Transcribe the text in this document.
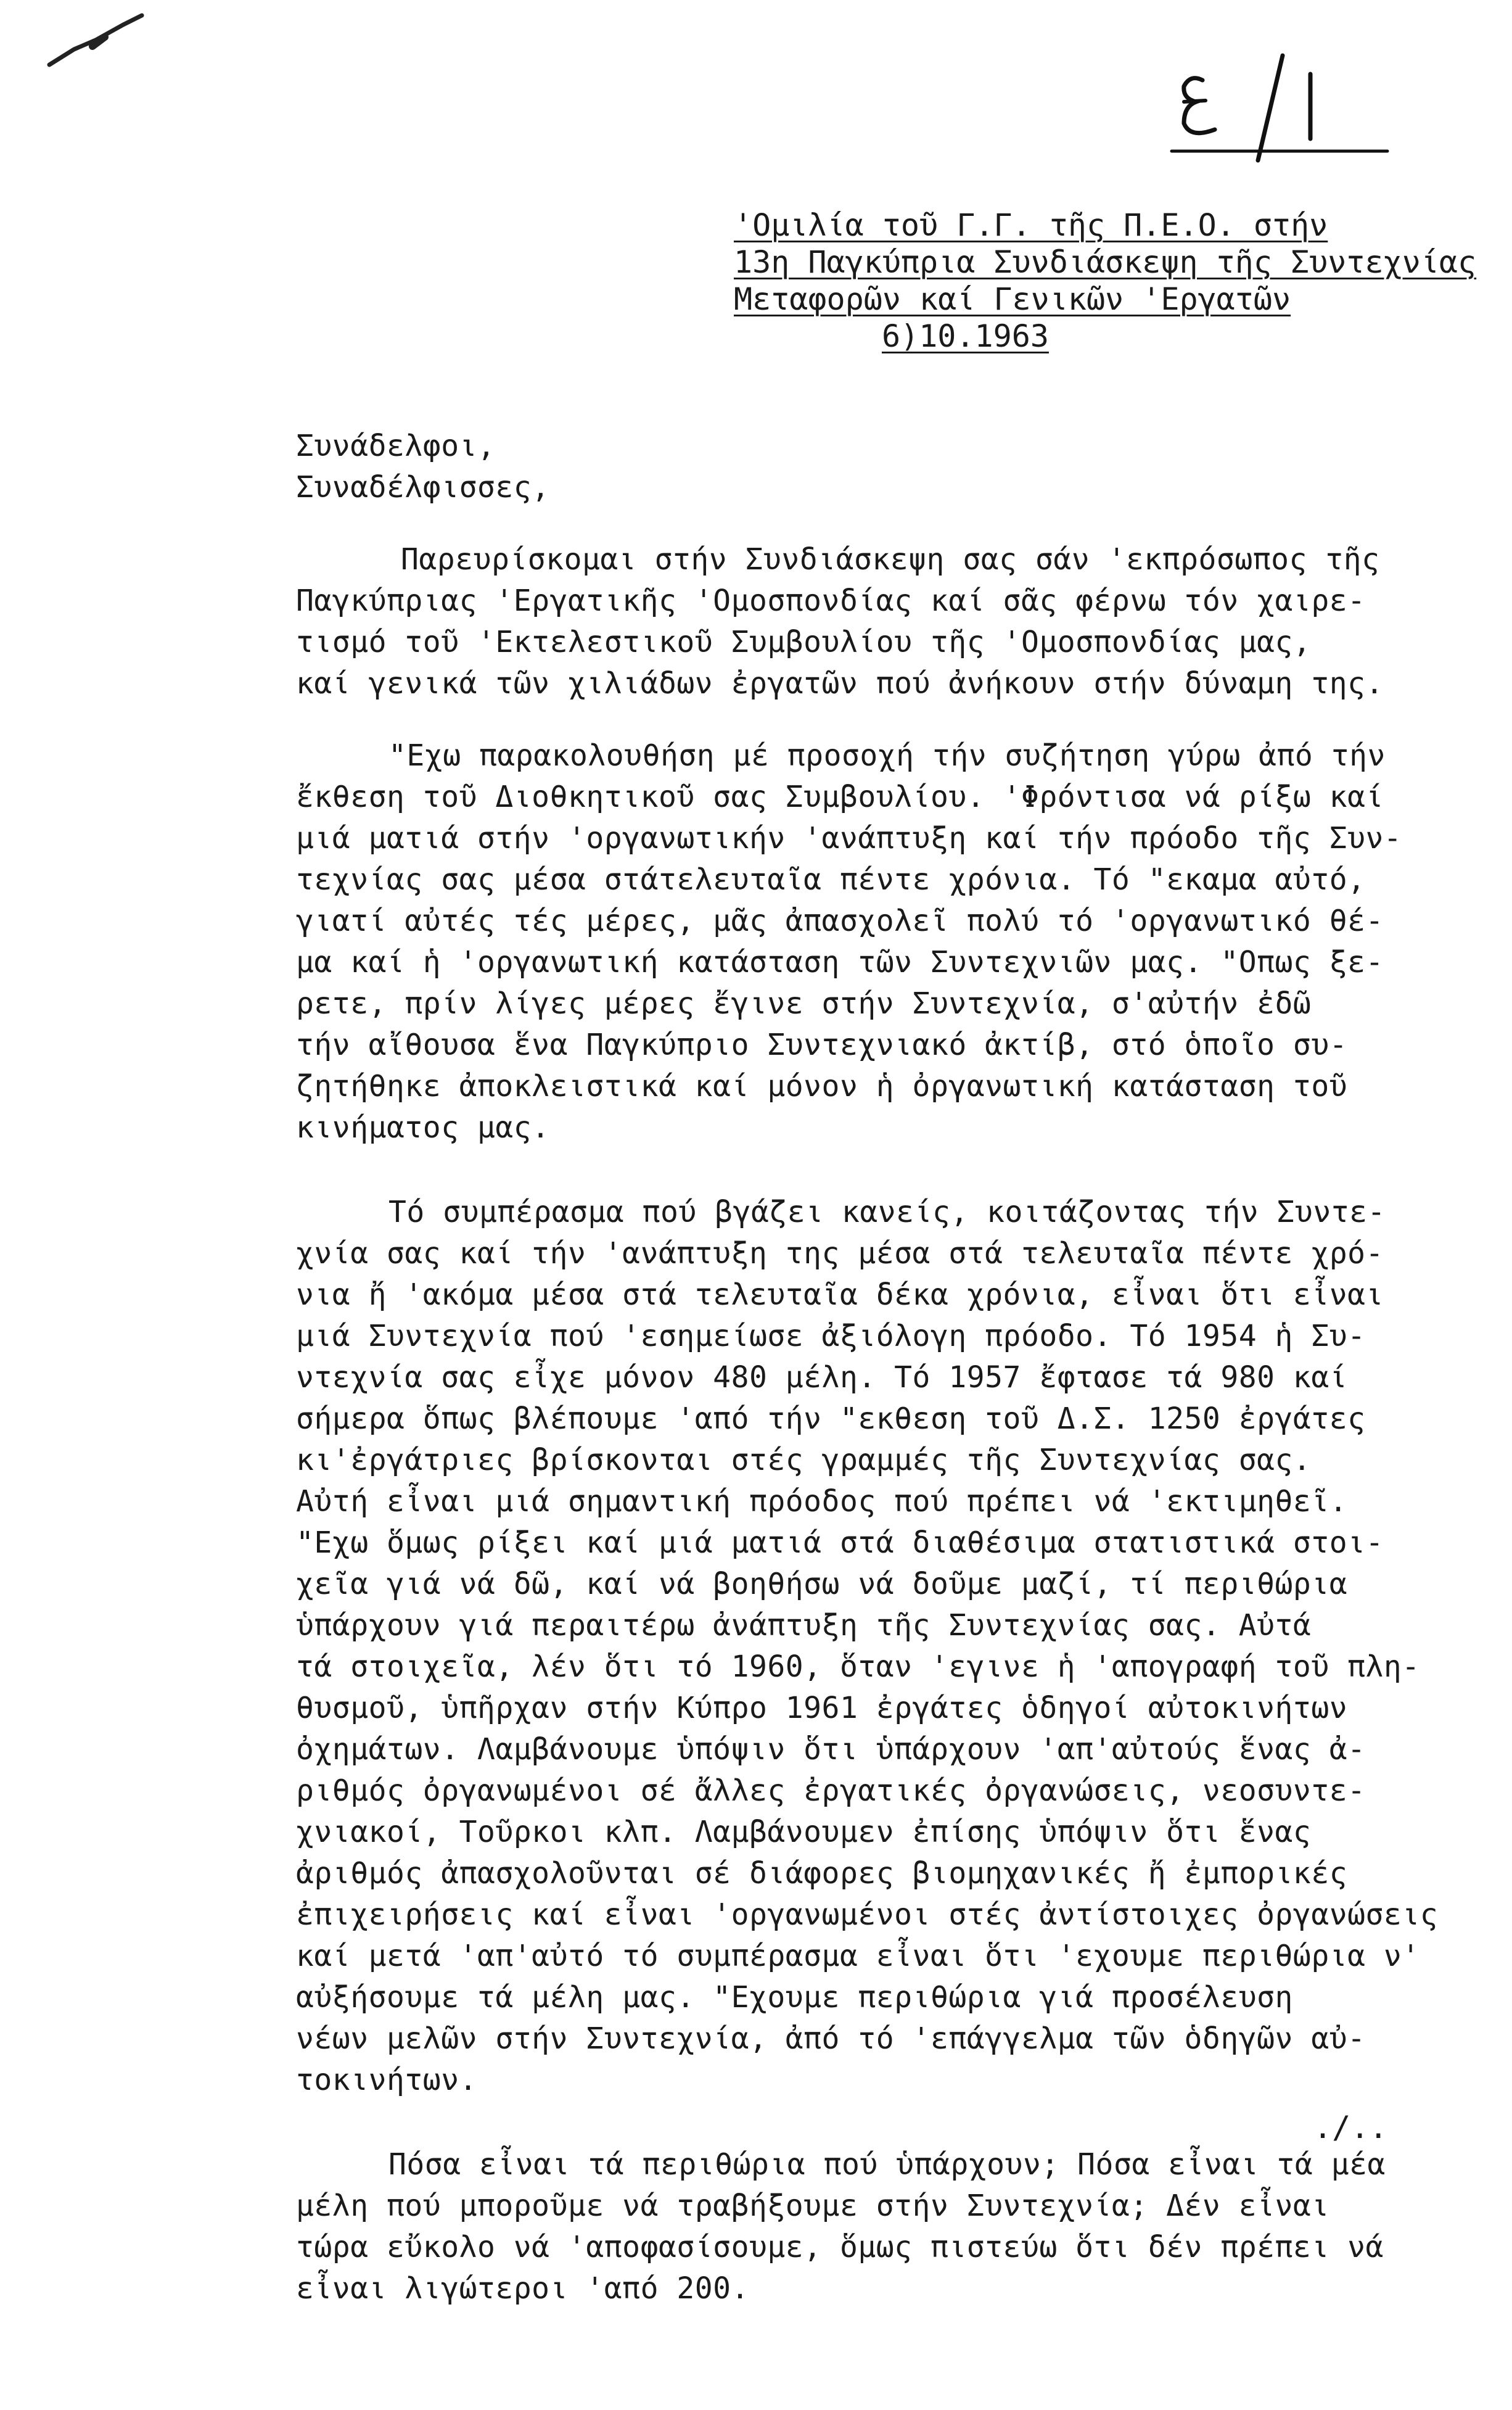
'Ομιλία τοῦ Γ.Γ. τῆς Π.Ε.Ο. στήν
13η Παγκύπρια Συνδιάσκεψη τῆς Συντεχνίας
Μεταφορῶν καί Γενικῶν 'Εργατῶν
6)10.1963
Συνάδελφοι,
Συναδέλφισσες,
Παρευρίσκομαι στήν Συνδιάσκεψη σας σάν 'εκπρόσωπος τῆς
Παγκύπριας 'Εργατικῆς 'Ομοσπονδίας καί σᾶς φέρνω τόν χαιρε-
τισμό τοῦ 'Εκτελεστικοῦ Συμβουλίου τῆς 'Ομοσπονδίας μας,
καί γενικά τῶν χιλιάδων ἐργατῶν πού ἀνήκουν στήν δύναμη της.
"Εχω παρακολουθήση μέ προσοχή τήν συζήτηση γύρω ἀπό τήν
ἔκθεση τοῦ Διοθκητικοῦ σας Συμβουλίου. 'Φρόντισα νά ρίξω καί
μιά ματιά στήν 'οργανωτικήν 'ανάπτυξη καί τήν πρόοδο τῆς Συν-
τεχνίας σας μέσα στάτελευταῖα πέντε χρόνια. Τό "εκαμα αὐτό,
γιατί αὐτές τές μέρες, μᾶς ἀπασχολεῖ πολύ τό 'οργανωτικό θέ-
μα καί ἡ 'οργανωτική κατάσταση τῶν Συντεχνιῶν μας. "Οπως ξε-
ρετε, πρίν λίγες μέρες ἔγινε στήν Συντεχνία, σ'αὐτήν ἐδῶ
τήν αἴθουσα ἕνα Παγκύπριο Συντεχνιακό ἀκτίβ, στό ὁποῖο συ-
ζητήθηκε ἀποκλειστικά καί μόνον ἡ ὀργανωτική κατάσταση τοῦ
κινήματος μας.
Τό συμπέρασμα πού βγάζει κανείς, κοιτάζοντας τήν Συντε-
χνία σας καί τήν 'ανάπτυξη της μέσα στά τελευταῖα πέντε χρό-
νια ἤ 'ακόμα μέσα στά τελευταῖα δέκα χρόνια, εἶναι ὅτι εἶναι
μιά Συντεχνία πού 'εσημείωσε ἀξιόλογη πρόοδο. Τό 1954 ἡ Συ-
ντεχνία σας εἶχε μόνον 480 μέλη. Τό 1957 ἔφτασε τά 980 καί
σήμερα ὅπως βλέπουμε 'από τήν "εκθεση τοῦ Δ.Σ. 1250 ἐργάτες
κι'ἐργάτριες βρίσκονται στές γραμμές τῆς Συντεχνίας σας.
Αὐτή εἶναι μιά σημαντική πρόοδος πού πρέπει νά 'εκτιμηθεῖ.
"Εχω ὅμως ρίξει καί μιά ματιά στά διαθέσιμα στατιστικά στοι-
χεῖα γιά νά δῶ, καί νά βοηθήσω νά δοῦμε μαζί, τί περιθώρια
ὑπάρχουν γιά περαιτέρω ἀνάπτυξη τῆς Συντεχνίας σας. Αὐτά
τά στοιχεῖα, λέν ὅτι τό 1960, ὅταν 'εγινε ἡ 'απογραφή τοῦ πλη-
θυσμοῦ, ὑπῆρχαν στήν Κύπρο 1961 ἐργάτες ὁδηγοί αὐτοκινήτων
ὀχημάτων. Λαμβάνουμε ὑπόψιν ὅτι ὑπάρχουν 'απ'αὐτούς ἕνας ἀ-
ριθμός ὀργανωμένοι σέ ἄλλες ἐργατικές ὀργανώσεις, νεοσυντε-
χνιακοί, Τοῦρκοι κλπ. Λαμβάνουμεν ἐπίσης ὑπόψιν ὅτι ἕνας
ἀριθμός ἀπασχολοῦνται σέ διάφορες βιομηχανικές ἤ ἐμπορικές
ἐπιχειρήσεις καί εἶναι 'οργανωμένοι στές ἀντίστοιχες ὀργανώσεις
καί μετά 'απ'αὐτό τό συμπέρασμα εἶναι ὅτι 'εχουμε περιθώρια ν'
αὐξήσουμε τά μέλη μας. "Εχουμε περιθώρια γιά προσέλευση
νέων μελῶν στήν Συντεχνία, ἀπό τό 'επάγγελμα τῶν ὁδηγῶν αὐ-
τοκινήτων.
Πόσα εἶναι τά περιθώρια πού ὑπάρχουν; Πόσα εἶναι τά μέα
μέλη πού μποροῦμε νά τραβήξουμε στήν Συντεχνία; Δέν εἶναι
τώρα εὔκολο νά 'αποφασίσουμε, ὅμως πιστεύω ὅτι δέν πρέπει νά
εἶναι λιγώτεροι 'από 200.
./..
